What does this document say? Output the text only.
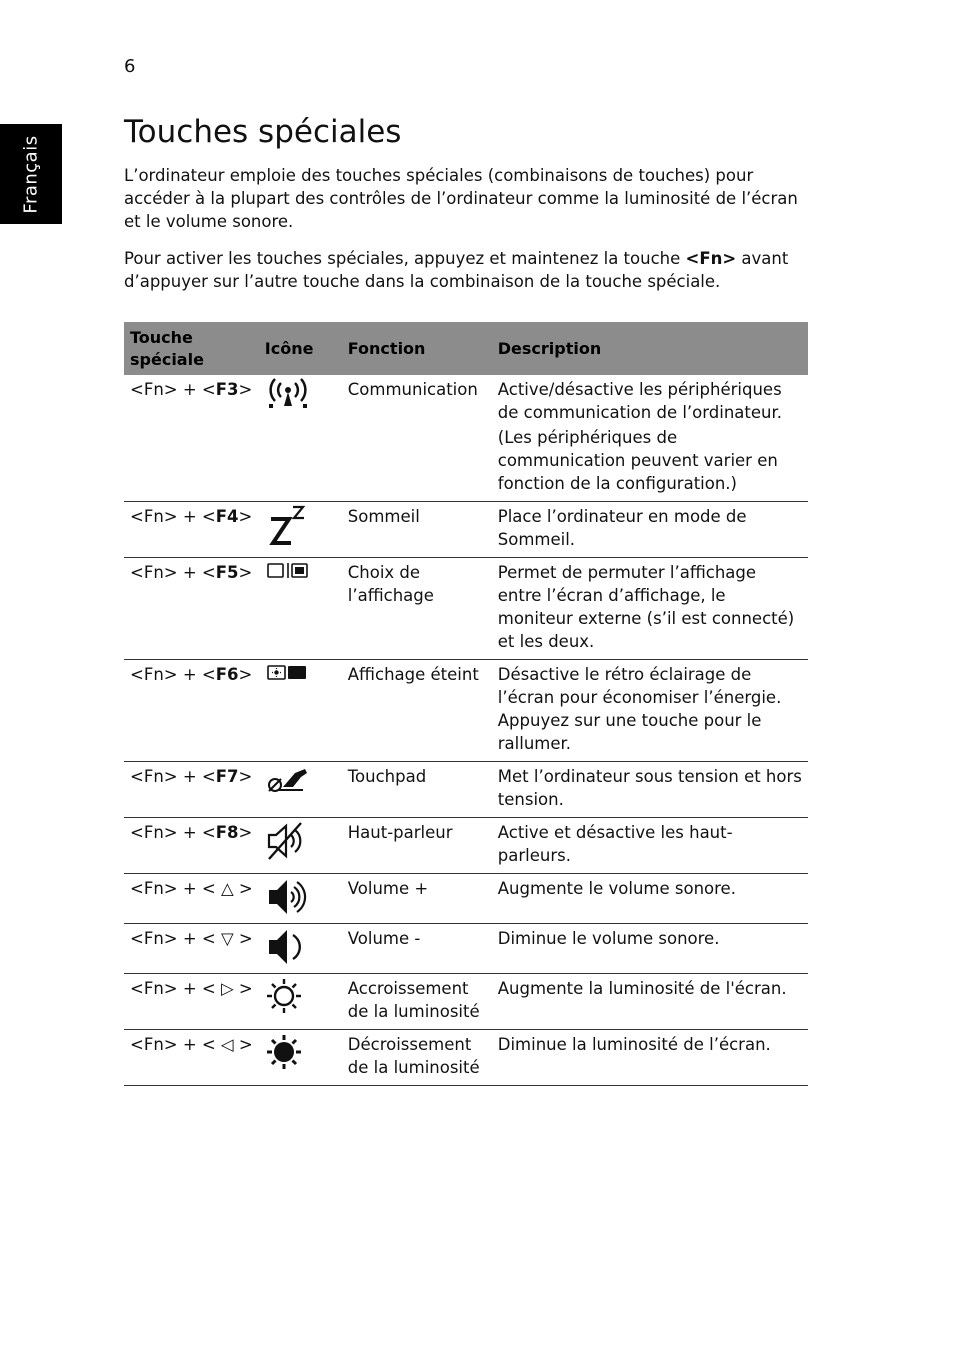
6
Français
Touches spéciales

L’ordinateur emploie des touches spéciales (combinaisons de touches) pour accéder à la plupart des contrôles de l’ordinateur comme la luminosité de l’écran et le volume sonore.

Pour activer les touches spéciales, appuyez et maintenez la touche <Fn> avant d’appuyer sur l’autre touche dans la combinaison de la touche spéciale.

Touche spéciale	Icône	Fonction	Description
<Fn> + <F3>		Communication	Active/désactive les périphériques de communication de l’ordinateur.
(Les périphériques de communication peuvent varier en fonction de la configuration.)

<Fn> + <F4>		Sommeil	Place l’ordinateur en mode de Sommeil.
<Fn> + <F5>		Choix de l’affichage	Permet de permuter l’affichage entre l’écran d’affichage, le moniteur externe (s’il est connecté) et les deux.
<Fn> + <F6>		Affichage éteint	Désactive le rétro éclairage de l’écran pour économiser l’énergie. Appuyez sur une touche pour le rallumer.
<Fn> + <F7>		Touchpad	Met l’ordinateur sous tension et hors tension.
<Fn> + <F8>		Haut-parleur	Active et désactive les haut-parleurs.
<Fn> + < △ >		Volume +	Augmente le volume sonore.
<Fn> + < ▽ >		Volume -	Diminue le volume sonore.
<Fn> + < ▷ >		Accroissement de la luminosité	Augmente la luminosité de l'écran.
<Fn> + < ◁ >		Décroissement de la luminosité	Diminue la luminosité de l’écran.
